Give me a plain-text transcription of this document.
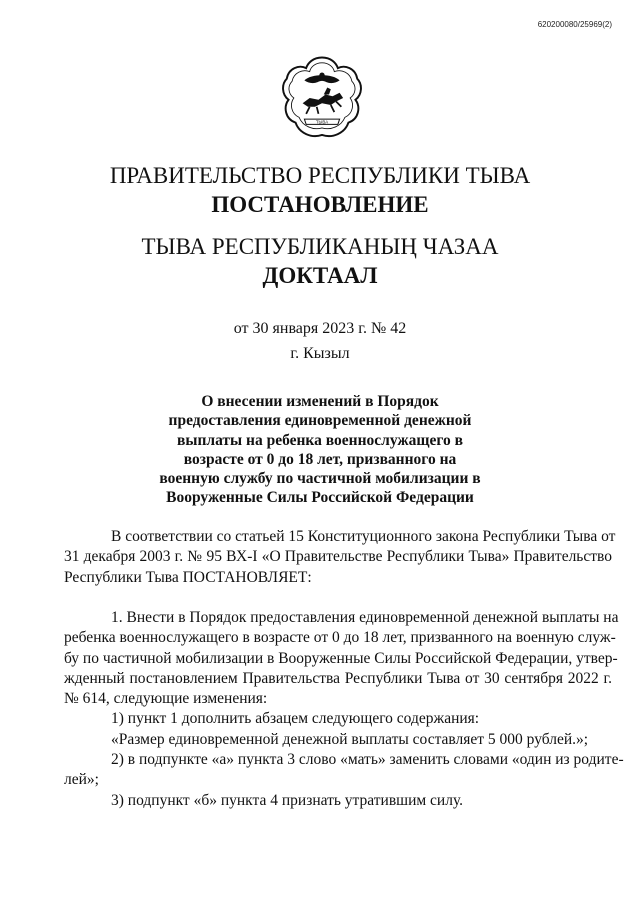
620200080/25969(2)
ТЫВА
ПРАВИТЕЛЬСТВО РЕСПУБЛИКИ ТЫВА
ПОСТАНОВЛЕНИЕ
ТЫВА РЕСПУБЛИКАНЫҢ ЧАЗАА
ДОКТААЛ
от 30 января 2023 г. № 42
г. Кызыл
О внесении изменений в Порядок
предоставления единовременной денежной
выплаты на ребенка военнослужащего в
возрасте от 0 до 18 лет, призванного на
военную службу по частичной мобилизации в
Вооруженные Силы Российской Федерации
В соответствии со статьей 15 Конституционного закона Республики Тыва от
31 декабря 2003 г. № 95 ВХ-I «О Правительстве Республики Тыва» Правительство
Республики Тыва ПОСТАНОВЛЯЕТ:
1. Внести в Порядок предоставления единовременной денежной выплаты на
ребенка военнослужащего в возрасте от 0 до 18 лет, призванного на военную служ-
бу по частичной мобилизации в Вооруженные Силы Российской Федерации, утвер-
жденный постановлением Правительства Республики Тыва от 30 сентября 2022 г.
№ 614, следующие изменения:
1) пункт 1 дополнить абзацем следующего содержания:
«Размер единовременной денежной выплаты составляет 5 000 рублей.»;
2) в подпункте «а» пункта 3 слово «мать» заменить словами «один из родите-
лей»;
3) подпункт «б» пункта 4 признать утратившим силу.
